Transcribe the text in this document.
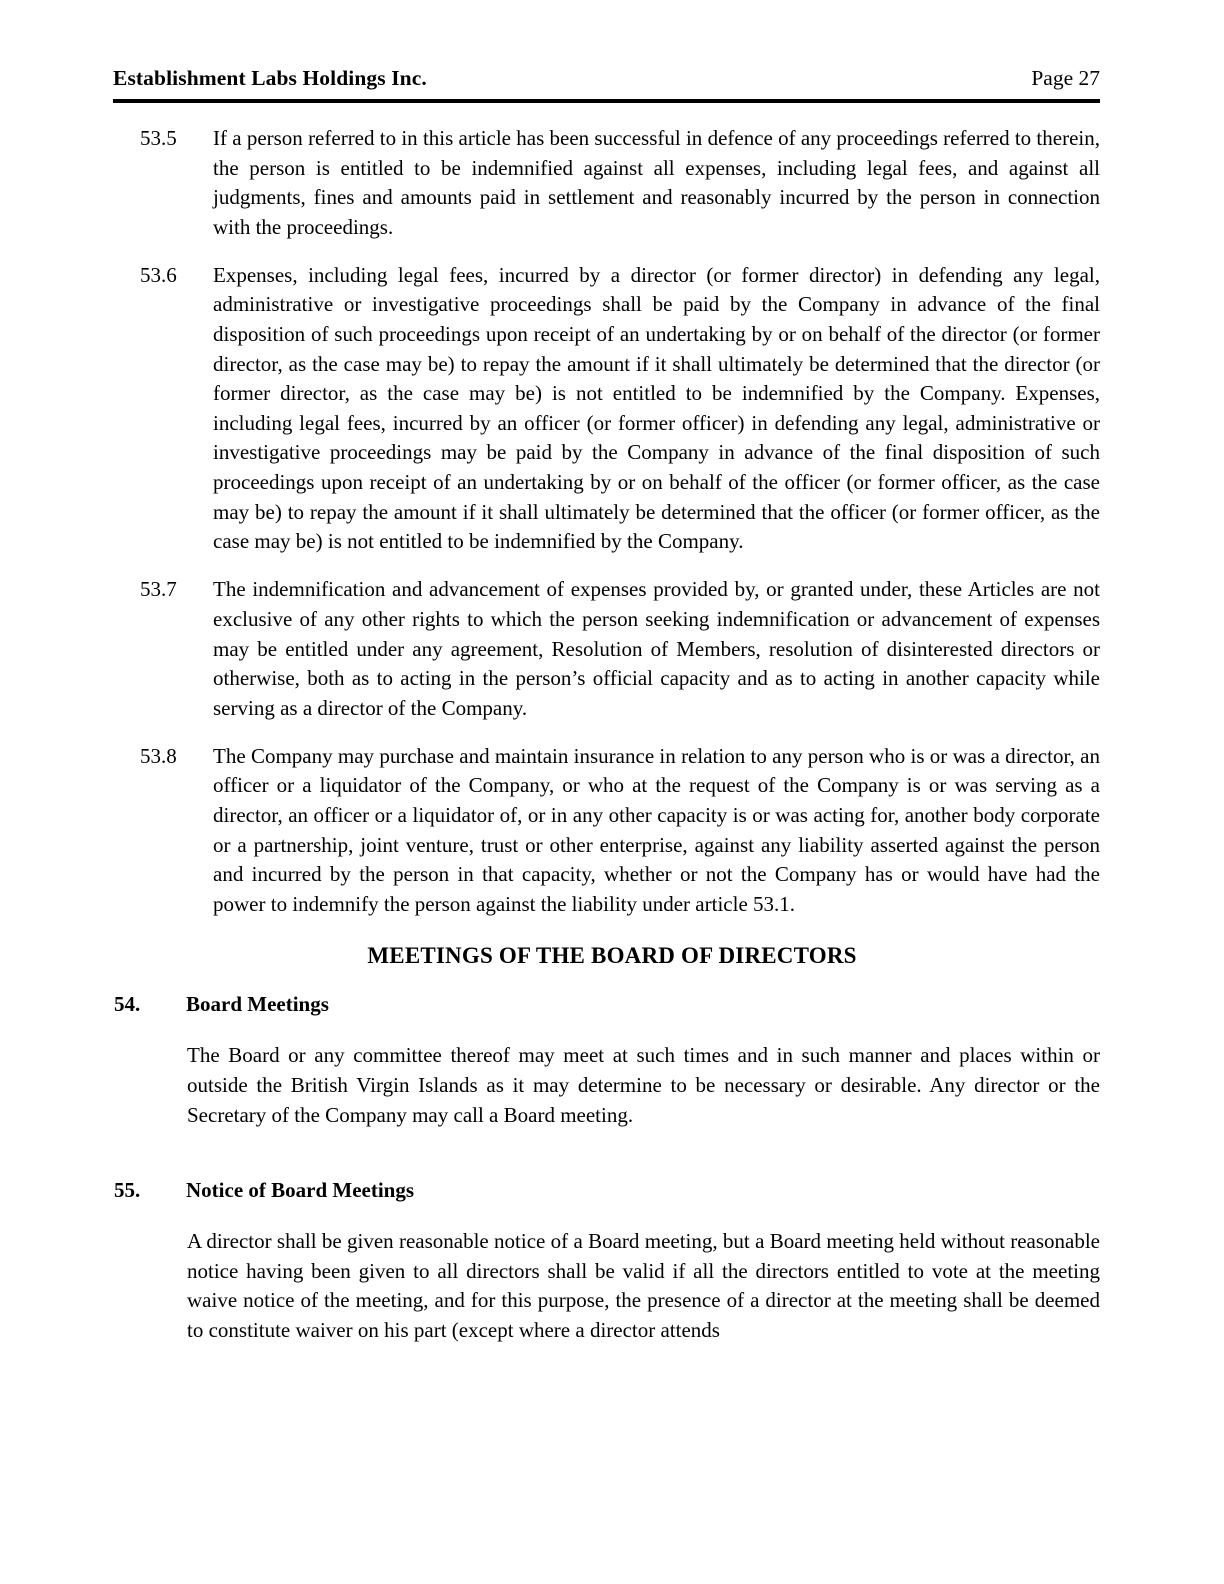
Establishment Labs Holdings Inc.	Page 27
53.5	If a person referred to in this article has been successful in defence of any proceedings referred to therein, the person is entitled to be indemnified against all expenses, including legal fees, and against all judgments, fines and amounts paid in settlement and reasonably incurred by the person in connection with the proceedings.
53.6	Expenses, including legal fees, incurred by a director (or former director) in defending any legal, administrative or investigative proceedings shall be paid by the Company in advance of the final disposition of such proceedings upon receipt of an undertaking by or on behalf of the director (or former director, as the case may be) to repay the amount if it shall ultimately be determined that the director (or former director, as the case may be) is not entitled to be indemnified by the Company. Expenses, including legal fees, incurred by an officer (or former officer) in defending any legal, administrative or investigative proceedings may be paid by the Company in advance of the final disposition of such proceedings upon receipt of an undertaking by or on behalf of the officer (or former officer, as the case may be) to repay the amount if it shall ultimately be determined that the officer (or former officer, as the case may be) is not entitled to be indemnified by the Company.
53.7	The indemnification and advancement of expenses provided by, or granted under, these Articles are not exclusive of any other rights to which the person seeking indemnification or advancement of expenses may be entitled under any agreement, Resolution of Members, resolution of disinterested directors or otherwise, both as to acting in the person’s official capacity and as to acting in another capacity while serving as a director of the Company.
53.8	The Company may purchase and maintain insurance in relation to any person who is or was a director, an officer or a liquidator of the Company, or who at the request of the Company is or was serving as a director, an officer or a liquidator of, or in any other capacity is or was acting for, another body corporate or a partnership, joint venture, trust or other enterprise, against any liability asserted against the person and incurred by the person in that capacity, whether or not the Company has or would have had the power to indemnify the person against the liability under article 53.1.
MEETINGS OF THE BOARD OF DIRECTORS
54. Board Meetings
The Board or any committee thereof may meet at such times and in such manner and places within or outside the British Virgin Islands as it may determine to be necessary or desirable. Any director or the Secretary of the Company may call a Board meeting.
55. Notice of Board Meetings
A director shall be given reasonable notice of a Board meeting, but a Board meeting held without reasonable notice having been given to all directors shall be valid if all the directors entitled to vote at the meeting waive notice of the meeting, and for this purpose, the presence of a director at the meeting shall be deemed to constitute waiver on his part (except where a director attends
